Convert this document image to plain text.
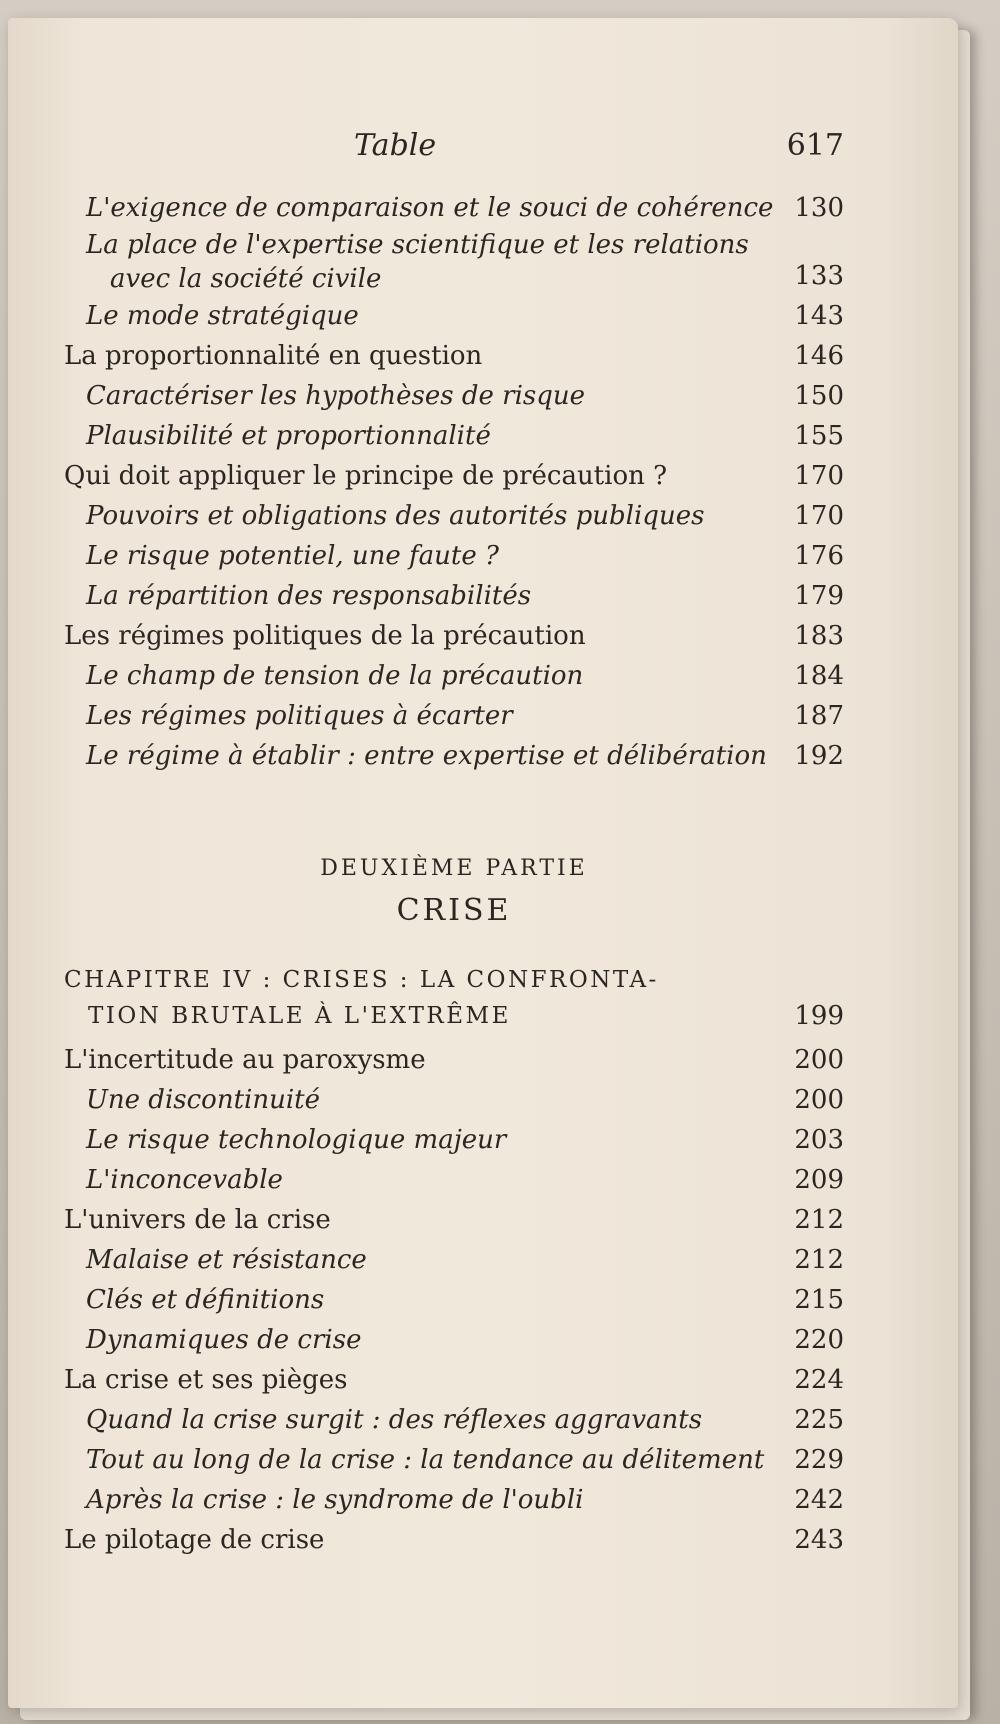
Table	617
L'exigence de comparaison et le souci de cohérence 130
La place de l'expertise scientifique et les relations
avec la société civile	133
Le mode stratégique	143
La proportionnalité en question	146
Caractériser les hypothèses de risque	150
Plausibilité et proportionnalité	155
Qui doit appliquer le principe de précaution ?	170
Pouvoirs et obligations des autorités publiques	170
Le risque potentiel, une faute ?	176
La répartition des responsabilités	179
Les régimes politiques de la précaution	183
Le champ de tension de la précaution	184
Les régimes politiques à écarter	187
Le régime à établir : entre expertise et délibération	192
DEUXIÈME PARTIE
CRISE
CHAPITRE IV : CRISES : LA CONFRONTA-
TION BRUTALE À L'EXTRÊME	199
L'incertitude au paroxysme	200
Une discontinuité	200
Le risque technologique majeur	203
L'inconcevable	209
L'univers de la crise	212
Malaise et résistance	212
Clés et définitions	215
Dynamiques de crise	220
La crise et ses pièges	224
Quand la crise surgit : des réflexes aggravants	225
Tout au long de la crise : la tendance au délitement	229
Après la crise : le syndrome de l'oubli	242
Le pilotage de crise	243
